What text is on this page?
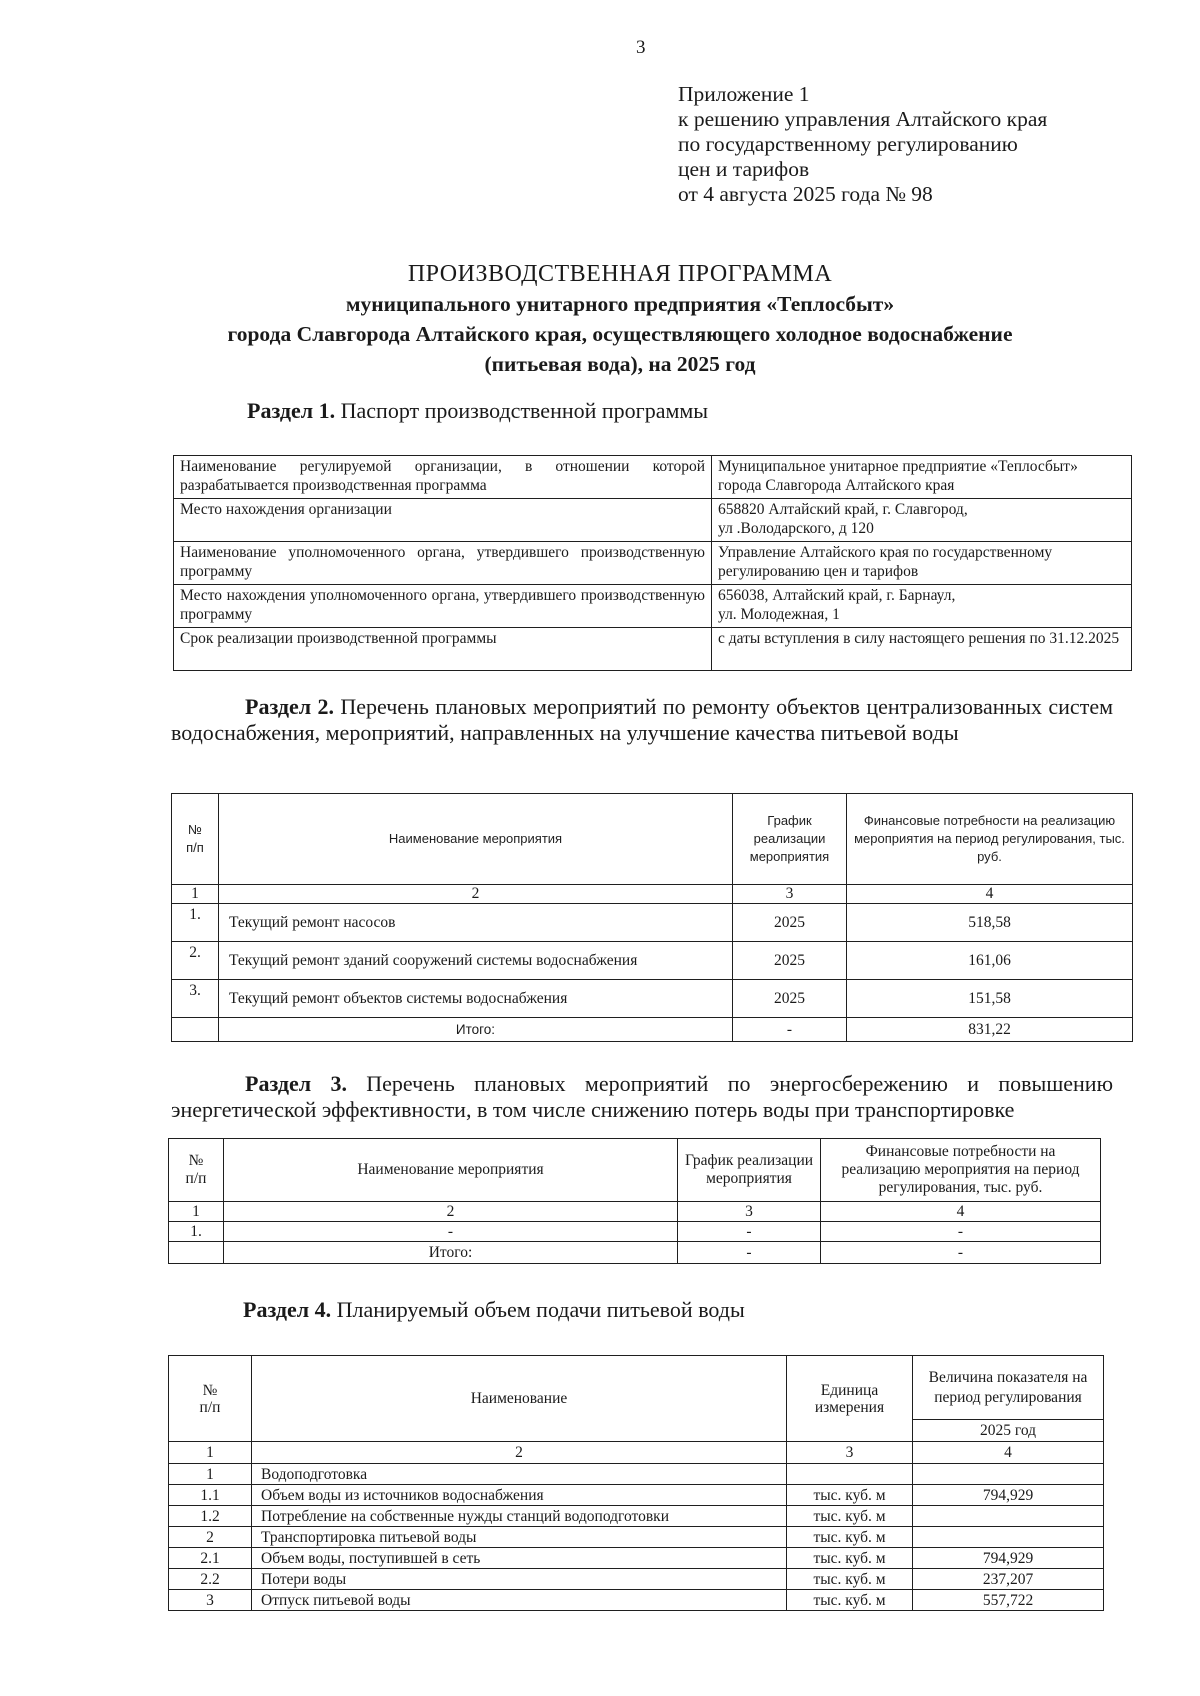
3
Приложение 1
к решению управления Алтайского края
по государственному регулированию
цен и тарифов
от 4 августа 2025 года № 98
ПРОИЗВОДСТВЕННАЯ ПРОГРАММА
муниципального унитарного предприятия «Теплосбыт»
города Славгорода Алтайского края, осуществляющего холодное водоснабжение
(питьевая вода), на 2025 год
Раздел 1. Паспорт производственной программы
Наименование регулируемой организации, в отношении которой разрабатывается производственная программа	Муниципальное унитарное предприятие «Теплосбыт» города Славгорода Алтайского края
Место нахождения организации	658820 Алтайский край, г. Славгород,
ул .Володарского, д 120

Наименование уполномоченного органа, утвердившего производственную программу	Управление Алтайского края по государственному регулированию цен и тарифов
Место нахождения уполномоченного органа, утвердившего производственную программу	656038, Алтайский край, г. Барнаул,
ул. Молодежная, 1

Срок реализации производственной программы	с даты вступления в силу настоящего решения по 31.12.2025
Раздел 2. Перечень плановых мероприятий по ремонту объектов централизованных систем водоснабжения, мероприятий, направленных на улучшение качества питьевой воды
№
п/п	Наименование мероприятия	График реализации мероприятия	Финансовые потребности на реализацию мероприятия на период регулирования, тыс. руб.
1	2	3	4
1.	Текущий ремонт насосов	2025	518,58
2.	Текущий ремонт зданий сооружений системы водоснабжения	2025	161,06
3.	Текущий ремонт объектов системы водоснабжения	2025	151,58
	Итого:	-	831,22
Раздел 3. Перечень плановых мероприятий по энергосбережению и повышению энергетической эффективности, в том числе снижению потерь воды при транспортировке
№
п/п	Наименование мероприятия	График реализации мероприятия	Финансовые потребности на реализацию мероприятия на период регулирования, тыс. руб.
1	2	3	4
1.	-	-	-
	Итого:	-	-
Раздел 4. Планируемый объем подачи питьевой воды
№
п/п	Наименование	Единица измерения	Величина показателя на период регулирования
			2025 год
1	2	3	4
1	Водоподготовка		
1.1	Объем воды из источников водоснабжения	тыс. куб. м	794,929
1.2	Потребление на собственные нужды станций водоподготовки	тыс. куб. м	
2	Транспортировка питьевой воды	тыс. куб. м	
2.1	Объем воды, поступившей в сеть	тыс. куб. м	794,929
2.2	Потери воды	тыс. куб. м	237,207
3	Отпуск питьевой воды	тыс. куб. м	557,722
